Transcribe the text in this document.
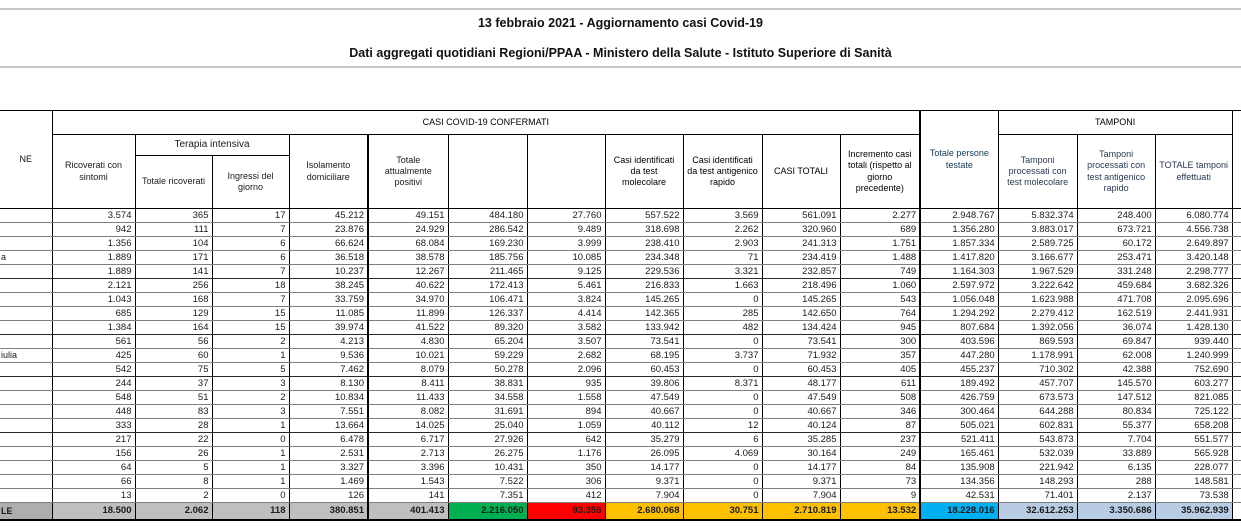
13 febbraio 2021 - Aggiornamento casi Covid-19
Dati aggregati quotidiani Regioni/PPAA - Ministero della Salute - Istituto Superiore di Sanità
NE	CASI COVID-19 CONFERMATI											Totale persone testate	TAMPONI			
	Ricoverati con sintomi	Terapia intensiva		Isolamento domiciliare	Totale attualmente positivi	DIMESSI GUARITI	DECEDUTI	Casi identificati da test molecolare	Casi identificati da test antigenico rapido	CASI TOTALI	Incremento casi totali (rispetto al giorno precedente)		Tamponi processati con test molecolare	Tamponi processati con test antigenico rapido	TOTALE tamponi effettuati	
		Totale ricoverati	Ingressi del giorno													
	3.574	365	17	45.212	49.151	484.180	27.760	557.522	3.569	561.091	2.277	2.948.767	5.832.374	248.400	6.080.774	
	942	111	7	23.876	24.929	286.542	9.489	318.698	2.262	320.960	689	1.356.280	3.883.017	673.721	4.556.738	
	1.356	104	6	66.624	68.084	169.230	3.999	238.410	2.903	241.313	1.751	1.857.334	2.589.725	60.172	2.649.897	
a	1.889	171	6	36.518	38.578	185.756	10.085	234.348	71	234.419	1.488	1.417.820	3.166.677	253.471	3.420.148	
	1.889	141	7	10.237	12.267	211.465	9.125	229.536	3.321	232.857	749	1.164.303	1.967.529	331.248	2.298.777	
	2.121	256	18	38.245	40.622	172.413	5.461	216.833	1.663	218.496	1.060	2.597.972	3.222.642	459.684	3.682.326	
	1.043	168	7	33.759	34.970	106.471	3.824	145.265	0	145.265	543	1.056.048	1.623.988	471.708	2.095.696	
	685	129	15	11.085	11.899	126.337	4.414	142.365	285	142.650	764	1.294.292	2.279.412	162.519	2.441.931	
	1.384	164	15	39.974	41.522	89.320	3.582	133.942	482	134.424	945	807.684	1.392.056	36.074	1.428.130	
	561	56	2	4.213	4.830	65.204	3.507	73.541	0	73.541	300	403.596	869.593	69.847	939.440	
iulia	425	60	1	9.536	10.021	59.229	2.682	68.195	3.737	71.932	357	447.280	1.178.991	62.008	1.240.999	
	542	75	5	7.462	8.079	50.278	2.096	60.453	0	60.453	405	455.237	710.302	42.388	752.690	
	244	37	3	8.130	8.411	38.831	935	39.806	8.371	48.177	611	189.492	457.707	145.570	603.277	
	548	51	2	10.834	11.433	34.558	1.558	47.549	0	47.549	508	426.759	673.573	147.512	821.085	
	448	83	3	7.551	8.082	31.691	894	40.667	0	40.667	346	300.464	644.288	80.834	725.122	
	333	28	1	13.664	14.025	25.040	1.059	40.112	12	40.124	87	505.021	602.831	55.377	658.208	
	217	22	0	6.478	6.717	27.926	642	35.279	6	35.285	237	521.411	543.873	7.704	551.577	
	156	26	1	2.531	2.713	26.275	1.176	26.095	4.069	30.164	249	165.461	532.039	33.889	565.928	
	64	5	1	3.327	3.396	10.431	350	14.177	0	14.177	84	135.908	221.942	6.135	228.077	
	66	8	1	1.469	1.543	7.522	306	9.371	0	9.371	73	134.356	148.293	288	148.581	
	13	2	0	126	141	7.351	412	7.904	0	7.904	9	42.531	71.401	2.137	73.538	
LE	18.500	2.062	118	380.851	401.413	2.216.050	93.356	2.680.068	30.751	2.710.819	13.532	18.228.016	32.612.253	3.350.686	35.962.939	
